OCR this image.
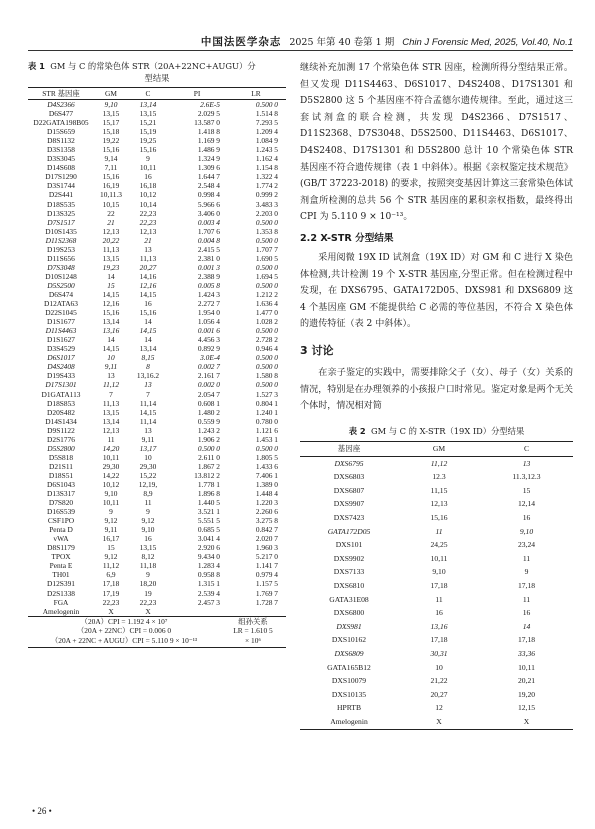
中国法医学杂志 2025 年第 40 卷第 1 期 Chin J Forensic Med, 2025, Vol.40, No.1
表 1 GM 与 C 的常染色体 STR（20A+22NC+AUGU）分
型结果
STR 基因座	GM	C	PI	LR
D4S2366	9,10	13,14	2.6E-5	0.500 0
D6S477	13,15	13,15	2.029 5	1.514 8
D22GATA198B05	15,17	15,21	13.587 0	7.293 5
D15S659	15,18	15,19	1.418 8	1.209 4
D8S1132	19,22	19,25	1.169 9	1.084 9
D3S1358	15,16	15,16	1.486 9	1.243 5
D3S3045	9,14	9	1.324 9	1.162 4
D14S608	7,11	10,11	1.309 6	1.154 8
D17S1290	15,16	16	1.644 7	1.322 4
D3S1744	16,19	16,18	2.548 4	1.774 2
D2S441	10,11.3	10,12	0.998 4	0.999 2
D18S535	10,15	10,14	5.966 6	3.483 3
D13S325	22	22,23	3.406 0	2.203 0
D7S1517	21	22,23	0.003 4	0.500 0
D10S1435	12,13	12,13	1.707 6	1.353 8
D11S2368	20,22	21	0.004 8	0.500 0
D19S253	11,13	13	2.415 5	1.707 7
D11S656	13,15	11,13	2.381 0	1.690 5
D7S3048	19,23	20,27	0.001 3	0.500 0
D10S1248	14	14,16	2.388 9	1.694 5
D5S2500	15	12,16	0.005 8	0.500 0
D6S474	14,15	14,15	1.424 3	1.212 2
D12ATA63	12,16	16	2.272 7	1.636 4
D22S1045	15,16	15,16	1.954 0	1.477 0
D1S1677	13,14	14	1.056 4	1.028 2
D11S4463	13,16	14,15	0.001 6	0.500 0
D1S1627	14	14	4.456 3	2.728 2
D3S4529	14,15	13,14	0.892 9	0.946 4
D6S1017	10	8,15	3.0E-4	0.500 0
D4S2408	9,11	8	0.002 7	0.500 0
D19S433	13	13,16.2	2.161 7	1.580 8
D17S1301	11,12	13	0.002 0	0.500 0
D1GATA113	7	7	2.054 7	1.527 3
D18S853	11,13	11,14	0.608 1	0.804 1
D20S482	13,15	14,15	1.480 2	1.240 1
D14S1434	13,14	11,14	0.559 9	0.780 0
D9S1122	12,13	13	1.243 2	1.121 6
D2S1776	11	9,11	1.906 2	1.453 1
D5S2800	14,20	13,17	0.500 0	0.500 0
D5S818	10,11	10	2.611 0	1.805 5
D21S11	29,30	29,30	1.867 2	1.433 6
D18S51	14,22	15,22	13.812 2	7.406 1
D6S1043	10,12	12,19,	1.778 1	1.389 0
D13S317	9,10	8,9	1.896 8	1.448 4
D7S820	10,11	11	1.440 5	1.220 3
D16S539	9	9	3.521 1	2.260 6
CSF1PO	9,12	9,12	5.551 5	3.275 8
Penta D	9,11	9,10	0.685 5	0.842 7
vWA	16,17	16	3.041 4	2.020 7
D8S1179	15	13,15	2.920 6	1.960 3
TPOX	9,12	8,12	9.434 0	5.217 0
Penta E	11,12	11,18	1.283 4	1.141 7
TH01	6,9	9	0.958 8	0.979 4
D12S391	17,18	18,20	1.315 1	1.157 5
D2S1338	17,19	19	2.539 4	1.769 7
FGA	22,23	22,23	2.457 3	1.728 7
Amelogenin	X	X		
（20A）CPI = 1.192 4 × 10⁷
（20A + 22NC）CPI = 0.006 0
（20A + 22NC + AUGU）CPI = 5.110 9 × 10⁻¹³
组孙关系
LR = 1.610 5
× 10⁶

继续补充加测 17 个常染色体 STR 因座，检测所得分型结果正常。但又发现 D11S4463、D6S1017、D4S2408、D17S1301 和 D5S2800 这 5 个基因座不符合孟德尔遗传规律。至此，通过这三套试剂盒的联合检测，共发现 D4S2366、D7S1517、D11S2368、D7S3048、D5S2500、D11S4463、D6S1017、D4S2408、D17S1301 和 D5S2800 总计 10 个常染色体 STR 基因座不符合遗传规律（表 1 中斜体）。根据《亲权鉴定技术规范》(GB/T 37223-2018) 的要求，按照突变基因计算这三套常染色体试剂盒所检测的总共 56 个 STR 基因座的累积亲权指数，最终得出 CPI 为 5.110 9 × 10⁻¹³。

2.2 X-STR 分型结果

采用阅微 19X ID 试剂盒（19X ID）对 GM 和 C 进行 X 染色体检测,共计检测 19 个 X-STR 基因座,分型正常。但在检测过程中发现，在 DXS6795、GATA172D05、DXS981 和 DXS6809 这 4 个基因座 GM 不能提供给 C 必需的等位基因，不符合 X 染色体的遗传特征（表 2 中斜体）。

3 讨论

在亲子鉴定的实践中，需要排除父子（女）、母子（女）关系的情况，特别是在办理领养的小孩报户口时常见。鉴定对象是两个无关个体时，情况相对简

表 2 GM 与 C 的 X-STR（19X ID）分型结果
基因座	GM	C
DXS6795	11,12	13
DXS6803	12.3	11.3,12.3
DXS6807	11,15	15
DXS9907	12,13	12,14
DXS7423	15,16	16
GATA172D05	11	9,10
DXS101	24,25	23,24
DXS9902	10,11	11
DXS7133	9,10	9
DXS6810	17,18	17,18
GATA31E08	11	11
DXS6800	16	16
DXS981	13,16	14
DXS10162	17,18	17,18
DXS6809	30,31	33,36
GATA165B12	10	10,11
DXS10079	21,22	20,21
DXS10135	20,27	19,20
HPRTB	12	12,15
Amelogenin	X	X
• 26 •
